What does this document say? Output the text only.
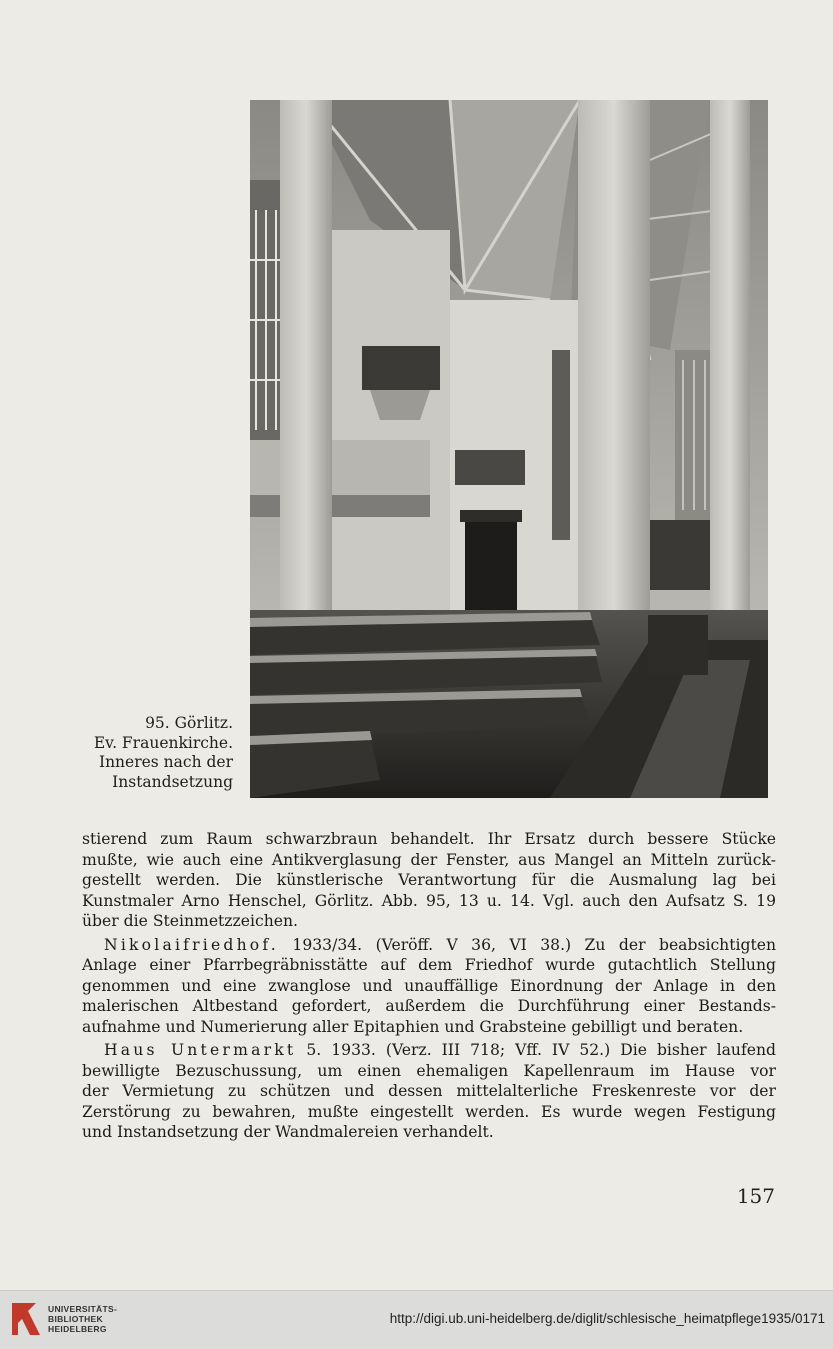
95. Görlitz.
Ev. Frauenkirche.
Inneres nach der
Instandsetzung

stierend zum Raum schwarzbraun behandelt. Ihr Ersatz durch bessere Stücke
mußte, wie auch eine Antikverglasung der Fenster, aus Mangel an Mitteln zurück-
gestellt werden. Die künstlerische Verantwortung für die Ausmalung lag bei
Kunstmaler Arno Henschel, Görlitz. Abb. 95, 13 u. 14. Vgl. auch den Aufsatz S. 19
über die Steinmetzzeichen.

Nikolaifriedhof. 1933/34. (Veröff. V 36, VI 38.) Zu der beabsichtigten
Anlage einer Pfarrbegräbnisstätte auf dem Friedhof wurde gutachtlich Stellung
genommen und eine zwanglose und unauffällige Einordnung der Anlage in den
malerischen Altbestand gefordert, außerdem die Durchführung einer Bestands-
aufnahme und Numerierung aller Epitaphien und Grabsteine gebilligt und beraten.

Haus Untermarkt 5. 1933. (Verz. III 718; Vff. IV 52.) Die bisher laufend
bewilligte Bezuschussung, um einen ehemaligen Kapellenraum im Hause vor
der Vermietung zu schützen und dessen mittelalterliche Freskenreste vor der
Zerstörung zu bewahren, mußte eingestellt werden. Es wurde wegen Festigung
und Instandsetzung der Wandmalereien verhandelt.

157
UNIVERSITÄTS-
BIBLIOTHEK
HEIDELBERG
http://digi.ub.uni-heidelberg.de/diglit/schlesische_heimatpflege1935/0171
